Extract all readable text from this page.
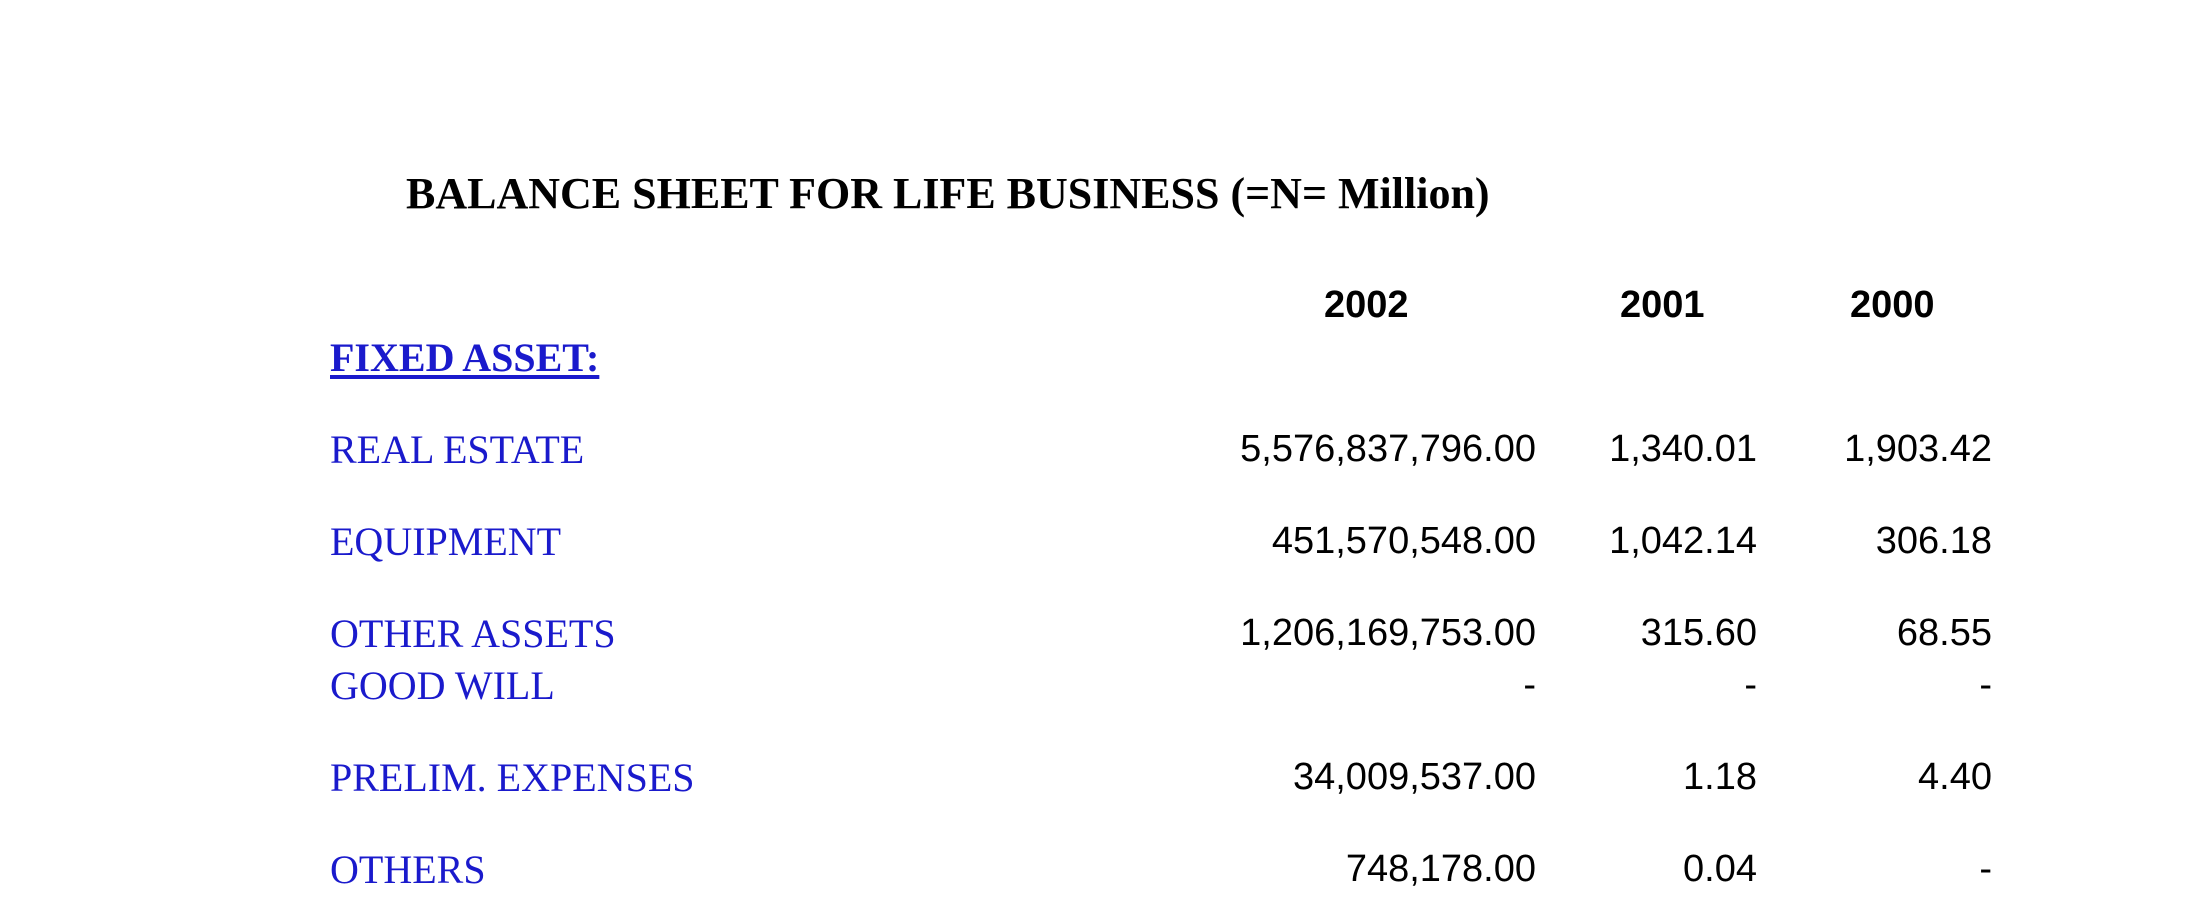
BALANCE SHEET FOR LIFE BUSINESS (=N= Million)
2002	2001	2000
FIXED ASSET:
REAL ESTATE	5,576,837,796.00 1,340.01 1,903.42
EQUIPMENT	451,570,548.00 1,042.14	306.18
OTHER ASSETS	1,206,169,753.00	315.60	68.55
GOOD WILL	-	-	-
PRELIM. EXPENSES	34,009,537.00	1.18	4.40
OTHERS	748,178.00	0.04	-
